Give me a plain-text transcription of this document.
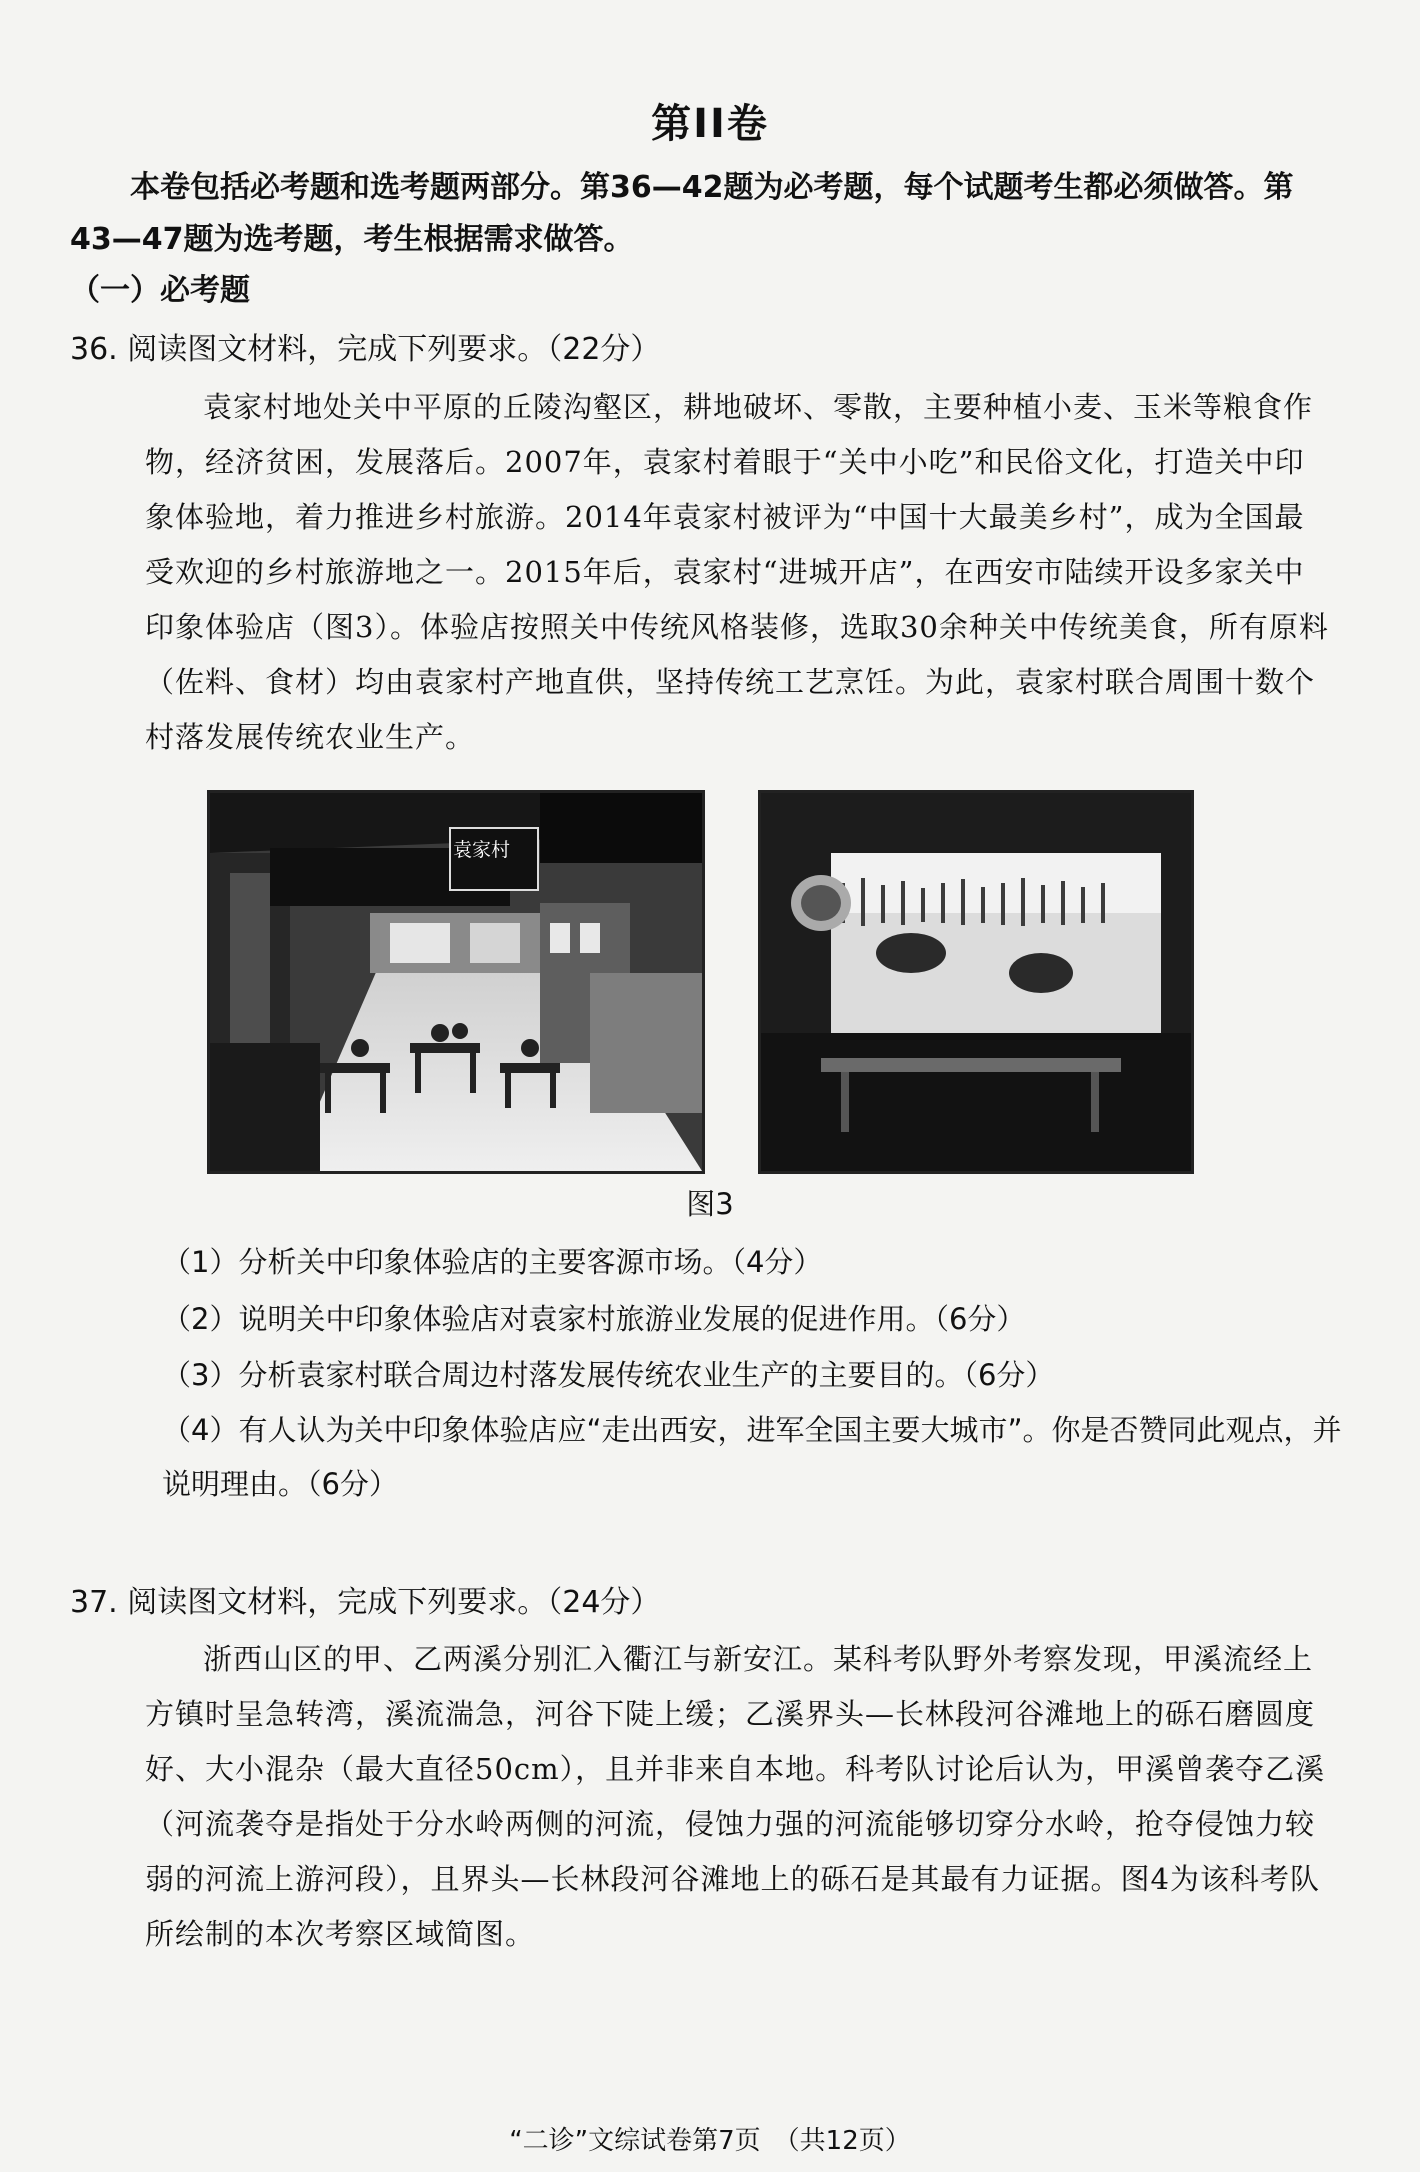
第II卷
本卷包括必考题和选考题两部分。第36—42题为必考题，每个试题考生都必须做答。第43—47题为选考题，考生根据需求做答。
（一）必考题
36. 阅读图文材料，完成下列要求。（22分）
袁家村地处关中平原的丘陵沟壑区，耕地破坏、零散，主要种植小麦、玉米等粮食作物，经济贫困，发展落后。2007年，袁家村着眼于“关中小吃”和民俗文化，打造关中印象体验地，着力推进乡村旅游。2014年袁家村被评为“中国十大最美乡村”，成为全国最受欢迎的乡村旅游地之一。2015年后，袁家村“进城开店”，在西安市陆续开设多家关中印象体验店（图3）。体验店按照关中传统风格装修，选取30余种关中传统美食，所有原料（佐料、食材）均由袁家村产地直供，坚持传统工艺烹饪。为此，袁家村联合周围十数个村落发展传统农业生产。
袁家村
图3
（1）分析关中印象体验店的主要客源市场。（4分）
（2）说明关中印象体验店对袁家村旅游业发展的促进作用。（6分）
（3）分析袁家村联合周边村落发展传统农业生产的主要目的。（6分）
（4）有人认为关中印象体验店应“走出西安，进军全国主要大城市”。你是否赞同此观点，并说明理由。（6分）
37. 阅读图文材料，完成下列要求。（24分）
浙西山区的甲、乙两溪分别汇入衢江与新安江。某科考队野外考察发现，甲溪流经上方镇时呈急转湾，溪流湍急，河谷下陡上缓；乙溪界头—长林段河谷滩地上的砾石磨圆度好、大小混杂（最大直径50cm），且并非来自本地。科考队讨论后认为，甲溪曾袭夺乙溪（河流袭夺是指处于分水岭两侧的河流，侵蚀力强的河流能够切穿分水岭，抢夺侵蚀力较弱的河流上游河段），且界头—长林段河谷滩地上的砾石是其最有力证据。图4为该科考队所绘制的本次考察区域简图。
“二诊”文综试卷第7页　（共12页）
